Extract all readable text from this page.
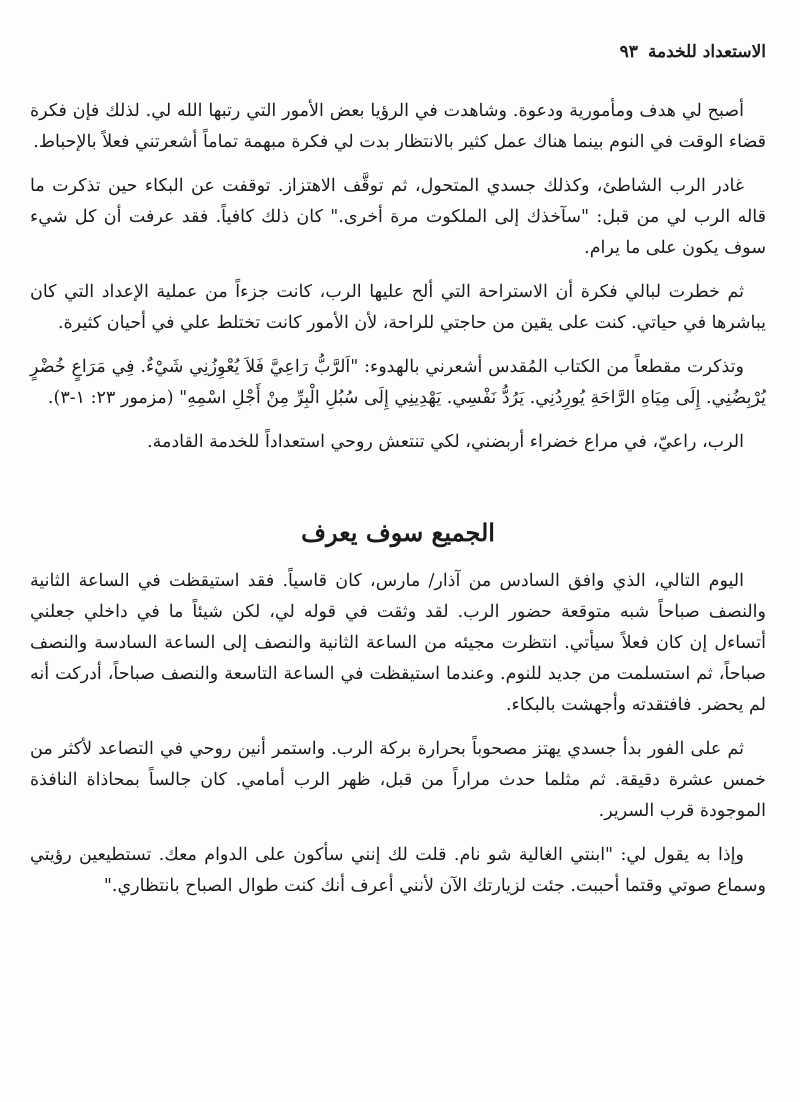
الاستعداد للخدمة
٩٣

أصبح لي هدف ومأمورية ودعوة. وشاهدت في الرؤيا بعض الأمور التي رتبها الله لي. لذلك فإن فكرة قضاء الوقت في النوم بينما هناك عمل كثير بالانتظار بدت لي فكرة مبهمة تماماً أشعرتني فعلاً بالإحباط.

غادر الرب الشاطئ، وكذلك جسدي المتحول، ثم توقَّف الاهتزاز. توقفت عن البكاء حين تذكرت ما قاله الرب لي من قبل: "سآخذك إلى الملكوت مرة أخرى." كان ذلك كافياً. فقد عرفت أن كل شيء سوف يكون على ما يرام.

ثم خطرت لبالي فكرة أن الاستراحة التي ألح عليها الرب، كانت جزءاً من عملية الإعداد التي كان يباشرها في حياتي. كنت على يقين من حاجتي للراحة، لأن الأمور كانت تختلط علي في أحيان كثيرة.

وتذكرت مقطعاً من الكتاب المُقدس أشعرني بالهدوء: "اَلرَّبُّ رَاعِيَّ فَلاَ يُعْوِزُنِي شَيْءٌ. فِي مَرَاعٍ خُضْرٍ يُرْبِضُنِي. إِلَى مِيَاهِ الرَّاحَةِ يُورِدُنِي. يَرُدُّ نَفْسِي. يَهْدِينِي إِلَى سُبُلِ الْبِرِّ مِنْ أَجْلِ اسْمِهِ" (مزمور ٢٣: ١-٣).

الرب، راعيّ، في مراع خضراء أربضني، لكي تنتعش روحي استعداداً للخدمة القادمة.

الجميع سوف يعرف

اليوم التالي، الذي وافق السادس من آذار/ مارس، كان قاسياً. فقد استيقظت في الساعة الثانية والنصف صباحاً شبه متوقعة حضور الرب. لقد وثقت في قوله لي، لكن شيئاً ما في داخلي جعلني أتساءل إن كان فعلاً سيأتي. انتظرت مجيئه من الساعة الثانية والنصف إلى الساعة السادسة والنصف صباحاً، ثم استسلمت من جديد للنوم. وعندما استيقظت في الساعة التاسعة والنصف صباحاً، أدركت أنه لم يحضر. فافتقدته وأجهشت بالبكاء.

ثم على الفور بدأ جسدي يهتز مصحوباً بحرارة بركة الرب. واستمر أنين روحي في التصاعد لأكثر من خمس عشرة دقيقة. ثم مثلما حدث مراراً من قبل، ظهر الرب أمامي. كان جالساً بمحاذاة النافذة الموجودة قرب السرير.

وإذا به يقول لي: "ابنتي الغالية شو نام. قلت لك إنني سأكون على الدوام معك. تستطيعين رؤيتي وسماع صوتي وقتما أحببت. جئت لزيارتك الآن لأنني أعرف أنك كنت طوال الصباح بانتظاري."
